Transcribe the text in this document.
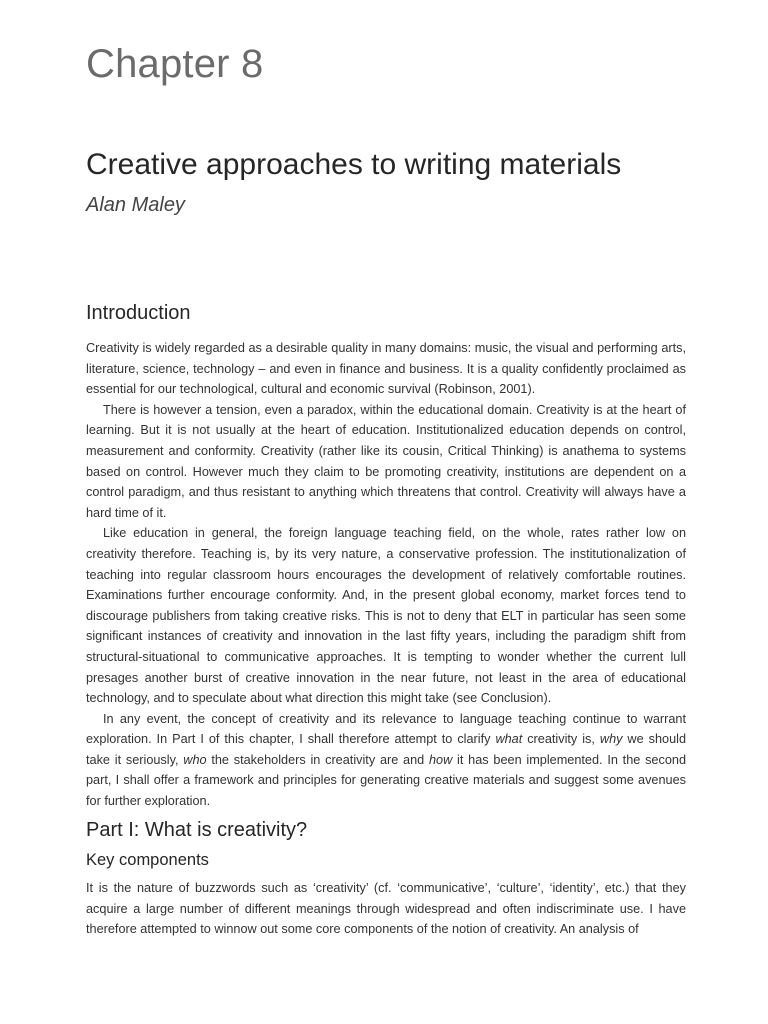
Chapter 8
Creative approaches to writing materials

Alan Maley

Introduction

Creativity is widely regarded as a desirable quality in many domains: music, the visual and performing arts, literature, science, technology – and even in finance and business. It is a quality confidently proclaimed as essential for our technological, cultural and economic survival (Robinson, 2001).

There is however a tension, even a paradox, within the educational domain. Creativity is at the heart of learning. But it is not usually at the heart of education. Institutionalized education depends on control, measurement and conformity. Creativity (rather like its cousin, Critical Thinking) is anathema to systems based on control. However much they claim to be promoting creativity, institutions are dependent on a control paradigm, and thus resistant to anything which threatens that control. Creativity will always have a hard time of it.

Like education in general, the foreign language teaching field, on the whole, rates rather low on creativity therefore. Teaching is, by its very nature, a conservative profession. The institutionalization of teaching into regular classroom hours encourages the development of relatively comfortable routines. Examinations further encourage conformity. And, in the present global economy, market forces tend to discourage publishers from taking creative risks. This is not to deny that ELT in particular has seen some significant instances of creativity and innovation in the last fifty years, including the paradigm shift from structural-situational to communicative approaches. It is tempting to wonder whether the current lull presages another burst of creative innovation in the near future, not least in the area of educational technology, and to speculate about what direction this might take (see Conclusion).

In any event, the concept of creativity and its relevance to language teaching continue to warrant exploration. In Part I of this chapter, I shall therefore attempt to clarify what creativity is, why we should take it seriously, who the stakeholders in creativity are and how it has been implemented. In the second part, I shall offer a framework and principles for generating creative materials and suggest some avenues for further exploration.

Part I: What is creativity?
Key components

It is the nature of buzzwords such as ‘creativity’ (cf. ‘communicative’, ‘culture’, ‘identity’, etc.) that they acquire a large number of different meanings through widespread and often indiscriminate use. I have therefore attempted to winnow out some core components of the notion of creativity. An analysis of
